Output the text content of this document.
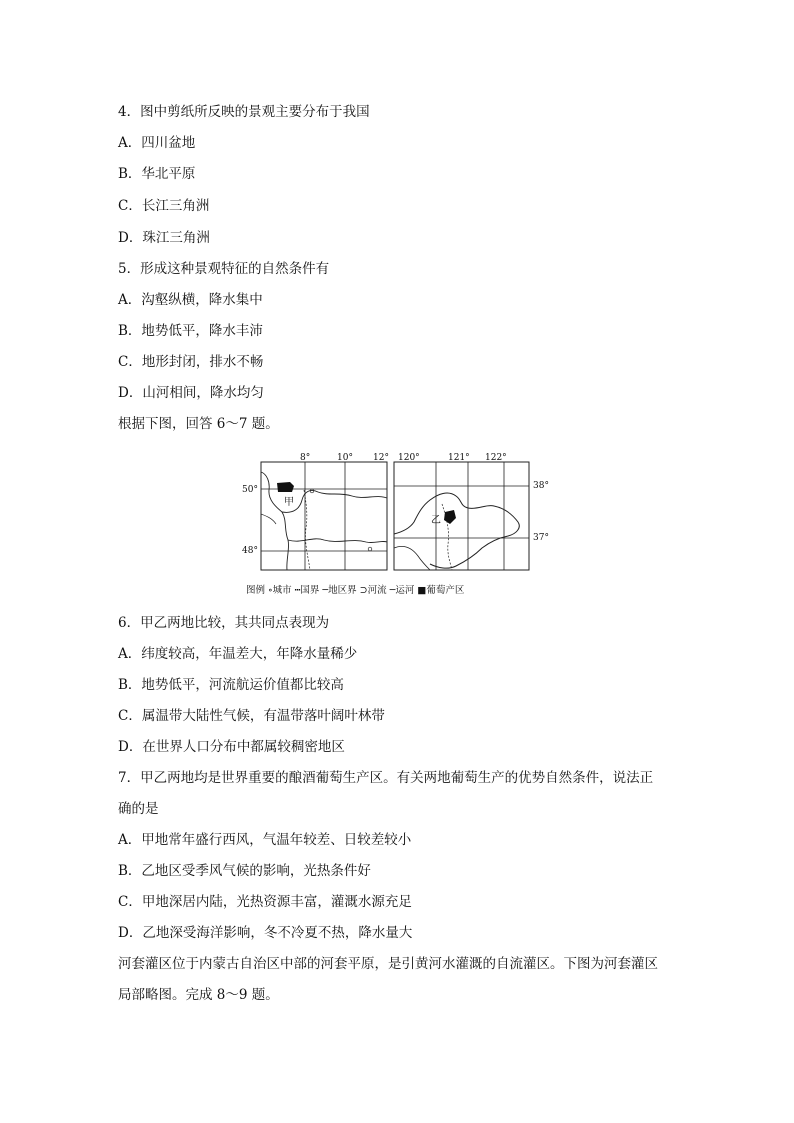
4．图中剪纸所反映的景观主要分布于我国
A．四川盆地
B．华北平原
C．长江三角洲
D．珠江三角洲
5．形成这种景观特征的自然条件有
A．沟壑纵横，降水集中
B．地势低平，降水丰沛
C．地形封闭，排水不畅
D．山河相间，降水均匀
根据下图，回答 6～7 题。
甲
8°	10° 12°
50°
48°
乙
120°	121° 122°
38°
37°
图例 ∘城市 ┅国界 ─地区界 ⊃河流 ─运河 ■葡萄产区
6．甲乙两地比较，其共同点表现为
A．纬度较高，年温差大，年降水量稀少
B．地势低平，河流航运价值都比较高
C．属温带大陆性气候，有温带落叶阔叶林带
D．在世界人口分布中都属较稠密地区
7．甲乙两地均是世界重要的酿酒葡萄生产区。有关两地葡萄生产的优势自然条件，说法正
确的是
A．甲地常年盛行西风，气温年较差、日较差较小
B．乙地区受季风气候的影响，光热条件好
C．甲地深居内陆，光热资源丰富，灌溉水源充足
D．乙地深受海洋影响，冬不冷夏不热，降水量大
河套灌区位于内蒙古自治区中部的河套平原，是引黄河水灌溉的自流灌区。下图为河套灌区
局部略图。完成 8～9 题。
